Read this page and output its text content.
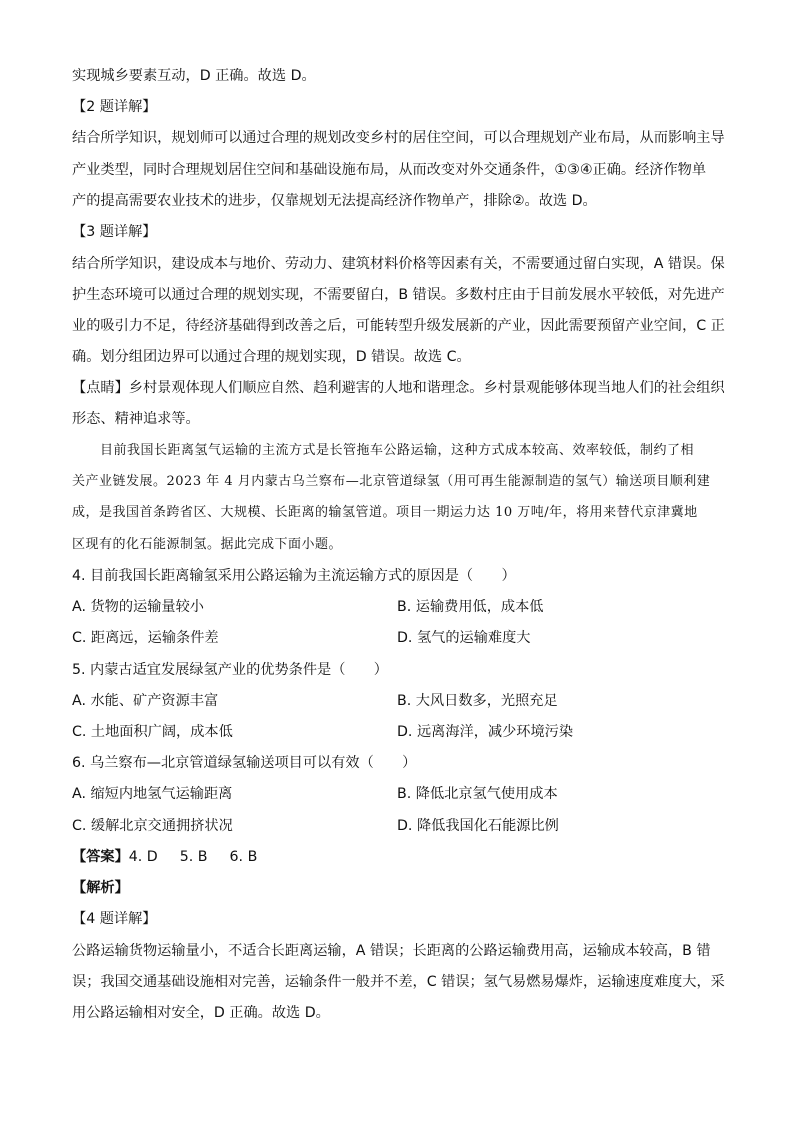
实现城乡要素互动，D 正确。故选 D。
【2 题详解】
结合所学知识，规划师可以通过合理的规划改变乡村的居住空间，可以合理规划产业布局，从而影响主导
产业类型，同时合理规划居住空间和基础设施布局，从而改变对外交通条件，①③④正确。经济作物单
产的提高需要农业技术的进步，仅靠规划无法提高经济作物单产，排除②。故选 D。
【3 题详解】
结合所学知识，建设成本与地价、劳动力、建筑材料价格等因素有关，不需要通过留白实现，A 错误。保
护生态环境可以通过合理的规划实现，不需要留白，B 错误。多数村庄由于目前发展水平较低，对先进产
业的吸引力不足，待经济基础得到改善之后，可能转型升级发展新的产业，因此需要预留产业空间，C 正
确。划分组团边界可以通过合理的规划实现，D 错误。故选 C。
【点睛】乡村景观体现人们顺应自然、趋利避害的人地和谐理念。乡村景观能够体现当地人们的社会组织
形态、精神追求等。
目前我国长距离氢气运输的主流方式是长管拖车公路运输，这种方式成本较高、效率较低，制约了相
关产业链发展。2023 年 4 月内蒙古乌兰察布—北京管道绿氢（用可再生能源制造的氢气）输送项目顺利建
成，是我国首条跨省区、大规模、长距离的输氢管道。项目一期运力达 10 万吨/年，将用来替代京津冀地
区现有的化石能源制氢。据此完成下面小题。
4. 目前我国长距离输氢采用公路运输为主流运输方式的原因是（　　）
A. 货物的运输量较小	B. 运输费用低，成本低
C. 距离远，运输条件差	D. 氢气的运输难度大
5. 内蒙古适宜发展绿氢产业的优势条件是（　　）
A. 水能、矿产资源丰富	B. 大风日数多，光照充足
C. 土地面积广阔，成本低	D. 远离海洋，减少环境污染
6. 乌兰察布—北京管道绿氢输送项目可以有效（　　）
A. 缩短内地氢气运输距离	B. 降低北京氢气使用成本
C. 缓解北京交通拥挤状况	D. 降低我国化石能源比例
【答案】4. D 5. B 6. B
【解析】
【4 题详解】
公路运输货物运输量小，不适合长距离运输，A 错误；长距离的公路运输费用高，运输成本较高，B 错
误；我国交通基础设施相对完善，运输条件一般并不差，C 错误；氢气易燃易爆炸，运输速度难度大，采
用公路运输相对安全，D 正确。故选 D。
